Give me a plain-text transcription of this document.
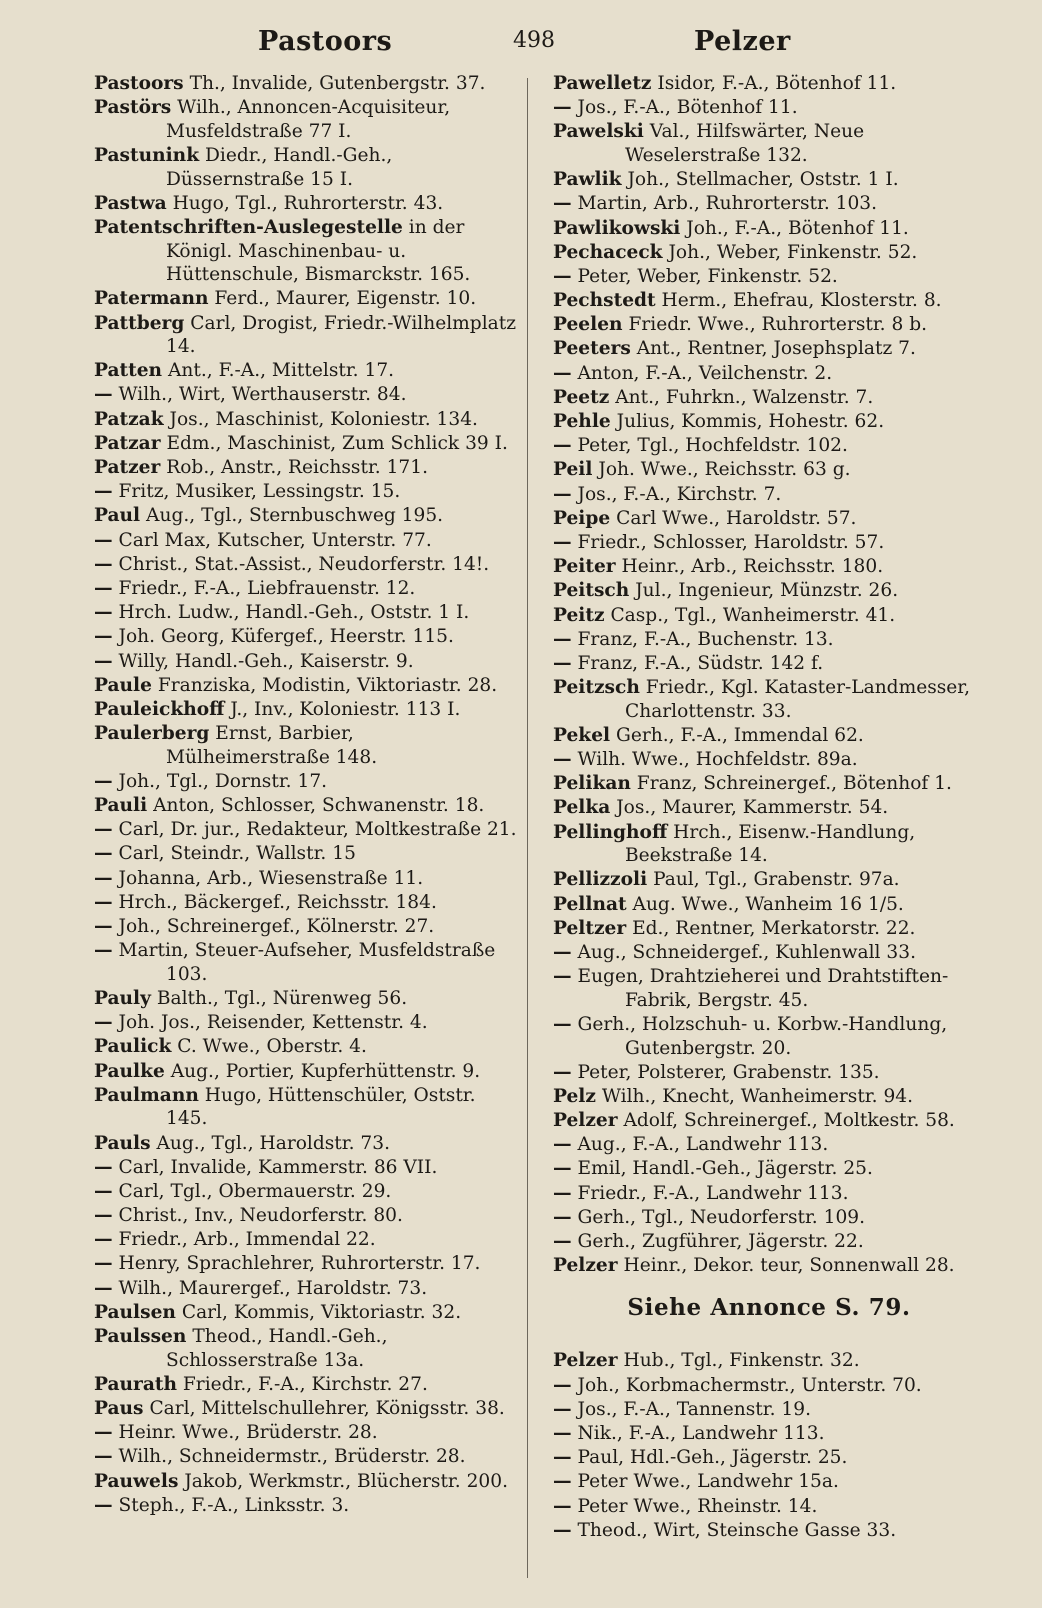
Pastoors	498	Pelzer
Pastoors Th., Invalide, Gutenbergstr. 37.
Pastörs Wilh., Annoncen-Acquisiteur, Musfeldstraße 77 I.
Pastunink Diedr., Handl.-Geh., Düssernstraße 15 I.
Pastwa Hugo, Tgl., Ruhrorterstr. 43.
Patentschriften-Auslegestelle in der Königl. Maschinenbau- u. Hüttenschule, Bismarckstr. 165.
Patermann Ferd., Maurer, Eigenstr. 10.
Pattberg Carl, Drogist, Friedr.-Wilhelmplatz 14.
Patten Ant., F.-A., Mittelstr. 17.
— Wilh., Wirt, Werthauserstr. 84.
Patzak Jos., Maschinist, Koloniestr. 134.
Patzar Edm., Maschinist, Zum Schlick 39 I.
Patzer Rob., Anstr., Reichsstr. 171.
— Fritz, Musiker, Lessingstr. 15.
Paul Aug., Tgl., Sternbuschweg 195.
— Carl Max, Kutscher, Unterstr. 77.
— Christ., Stat.-Assist., Neudorferstr. 14!.
— Friedr., F.-A., Liebfrauenstr. 12.
— Hrch. Ludw., Handl.-Geh., Oststr. 1 I.
— Joh. Georg, Küfergef., Heerstr. 115.
— Willy, Handl.-Geh., Kaiserstr. 9.
Paule Franziska, Modistin, Viktoriastr. 28.
Pauleickhoff J., Inv., Koloniestr. 113 I.
Paulerberg Ernst, Barbier, Mülheimerstraße 148.
— Joh., Tgl., Dornstr. 17.
Pauli Anton, Schlosser, Schwanenstr. 18.
— Carl, Dr. jur., Redakteur, Moltkestraße 21.
— Carl, Steindr., Wallstr. 15
— Johanna, Arb., Wiesenstraße 11.
— Hrch., Bäckergef., Reichsstr. 184.
— Joh., Schreinergef., Kölnerstr. 27.
— Martin, Steuer-Aufseher, Musfeldstraße 103.
Pauly Balth., Tgl., Nürenweg 56.
— Joh. Jos., Reisender, Kettenstr. 4.
Paulick C. Wwe., Oberstr. 4.
Paulke Aug., Portier, Kupferhüttenstr. 9.
Paulmann Hugo, Hüttenschüler, Oststr. 145.
Pauls Aug., Tgl., Haroldstr. 73.
— Carl, Invalide, Kammerstr. 86 VII.
— Carl, Tgl., Obermauerstr. 29.
— Christ., Inv., Neudorferstr. 80.
— Friedr., Arb., Immendal 22.
— Henry, Sprachlehrer, Ruhrorterstr. 17.
— Wilh., Maurergef., Haroldstr. 73.
Paulsen Carl, Kommis, Viktoriastr. 32.
Paulssen Theod., Handl.-Geh., Schlosserstraße 13a.
Paurath Friedr., F.-A., Kirchstr. 27.
Paus Carl, Mittelschullehrer, Königsstr. 38.
— Heinr. Wwe., Brüderstr. 28.
— Wilh., Schneidermstr., Brüderstr. 28.
Pauwels Jakob, Werkmstr., Blücherstr. 200.
— Steph., F.-A., Linksstr. 3.
Pawelletz Isidor, F.-A., Bötenhof 11.
— Jos., F.-A., Bötenhof 11.
Pawelski Val., Hilfswärter, Neue Weselerstraße 132.
Pawlik Joh., Stellmacher, Oststr. 1 I.
— Martin, Arb., Ruhrorterstr. 103.
Pawlikowski Joh., F.-A., Bötenhof 11.
Pechaceck Joh., Weber, Finkenstr. 52.
— Peter, Weber, Finkenstr. 52.
Pechstedt Herm., Ehefrau, Klosterstr. 8.
Peelen Friedr. Wwe., Ruhrorterstr. 8 b.
Peeters Ant., Rentner, Josephsplatz 7.
— Anton, F.-A., Veilchenstr. 2.
Peetz Ant., Fuhrkn., Walzenstr. 7.
Pehle Julius, Kommis, Hohestr. 62.
— Peter, Tgl., Hochfeldstr. 102.
Peil Joh. Wwe., Reichsstr. 63 g.
— Jos., F.-A., Kirchstr. 7.
Peipe Carl Wwe., Haroldstr. 57.
— Friedr., Schlosser, Haroldstr. 57.
Peiter Heinr., Arb., Reichsstr. 180.
Peitsch Jul., Ingenieur, Münzstr. 26.
Peitz Casp., Tgl., Wanheimerstr. 41.
— Franz, F.-A., Buchenstr. 13.
— Franz, F.-A., Südstr. 142 f.
Peitzsch Friedr., Kgl. Kataster-Landmesser, Charlottenstr. 33.
Pekel Gerh., F.-A., Immendal 62.
— Wilh. Wwe., Hochfeldstr. 89a.
Pelikan Franz, Schreinergef., Bötenhof 1.
Pelka Jos., Maurer, Kammerstr. 54.
Pellinghoff Hrch., Eisenw.-Handlung, Beekstraße 14.
Pellizzoli Paul, Tgl., Grabenstr. 97a.
Pellnat Aug. Wwe., Wanheim 16 1/5.
Peltzer Ed., Rentner, Merkatorstr. 22.
— Aug., Schneidergef., Kuhlenwall 33.
— Eugen, Drahtzieherei und Drahtstiften-Fabrik, Bergstr. 45.
— Gerh., Holzschuh- u. Korbw.-Handlung, Gutenbergstr. 20.
— Peter, Polsterer, Grabenstr. 135.
Pelz Wilh., Knecht, Wanheimerstr. 94.
Pelzer Adolf, Schreinergef., Moltkestr. 58.
— Aug., F.-A., Landwehr 113.
— Emil, Handl.-Geh., Jägerstr. 25.
— Friedr., F.-A., Landwehr 113.
— Gerh., Tgl., Neudorferstr. 109.
— Gerh., Zugführer, Jägerstr. 22.
Pelzer Heinr., Dekor. teur, Sonnenwall 28.
Siehe Annonce S. 79.
Pelzer Hub., Tgl., Finkenstr. 32.
— Joh., Korbmachermstr., Unterstr. 70.
— Jos., F.-A., Tannenstr. 19.
— Nik., F.-A., Landwehr 113.
— Paul, Hdl.-Geh., Jägerstr. 25.
— Peter Wwe., Landwehr 15a.
— Peter Wwe., Rheinstr. 14.
— Theod., Wirt, Steinsche Gasse 33.
